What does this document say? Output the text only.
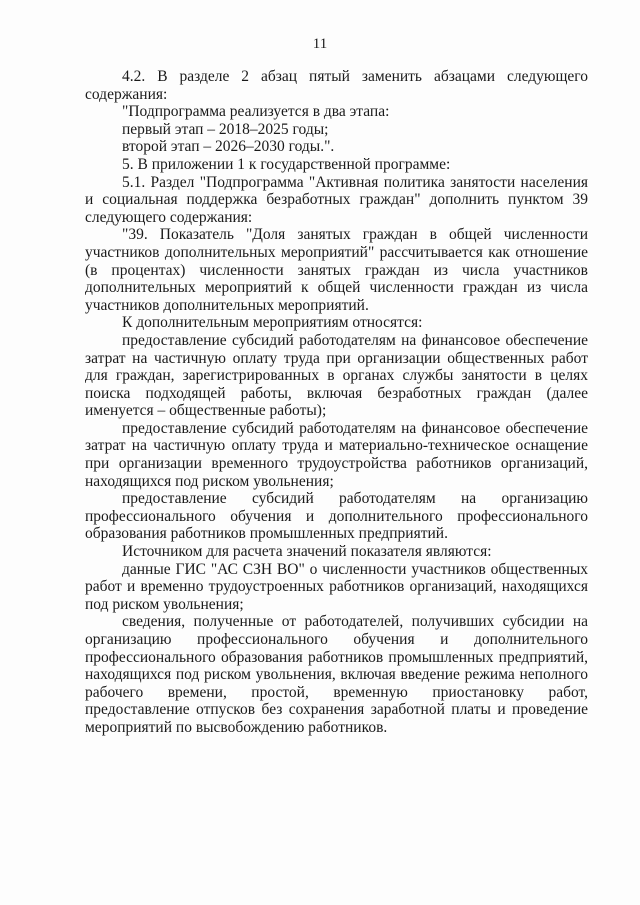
11

4.2. В разделе 2 абзац пятый заменить абзацами следующего содержания:

"Подпрограмма реализуется в два этапа:

первый этап – 2018–2025 годы;

второй этап – 2026–2030 годы.".

5. В приложении 1 к государственной программе:

5.1. Раздел "Подпрограмма "Активная политика занятости населения и социальная поддержка безработных граждан" дополнить пунктом 39 следующего содержания:

"39. Показатель "Доля занятых граждан в общей численности участников дополнительных мероприятий" рассчитывается как отношение (в процентах) численности занятых граждан из числа участников дополнительных мероприятий к общей численности граждан из числа участников дополнительных мероприятий.

К дополнительным мероприятиям относятся:

предоставление субсидий работодателям на финансовое обеспечение затрат на частичную оплату труда при организации общественных работ для граждан, зарегистрированных в органах службы занятости в целях поиска подходящей работы, включая безработных граждан (далее именуется – общественные работы);

предоставление субсидий работодателям на финансовое обеспечение затрат на частичную оплату труда и материально-техническое оснащение при организации временного трудоустройства работников организаций, находящихся под риском увольнения;

предоставление субсидий работодателям на организацию профессионального обучения и дополнительного профессионального образования работников промышленных предприятий.

Источником для расчета значений показателя являются:

данные ГИС "АС СЗН ВО" о численности участников общественных работ и временно трудоустроенных работников организаций, находящихся под риском увольнения;

сведения, полученные от работодателей, получивших субсидии на организацию профессионального обучения и дополнительного профессионального образования работников промышленных предприятий, находящихся под риском увольнения, включая введение режима неполного рабочего времени, простой, временную приостановку работ, предоставление отпусков без сохранения заработной платы и проведение мероприятий по высвобождению работников.
